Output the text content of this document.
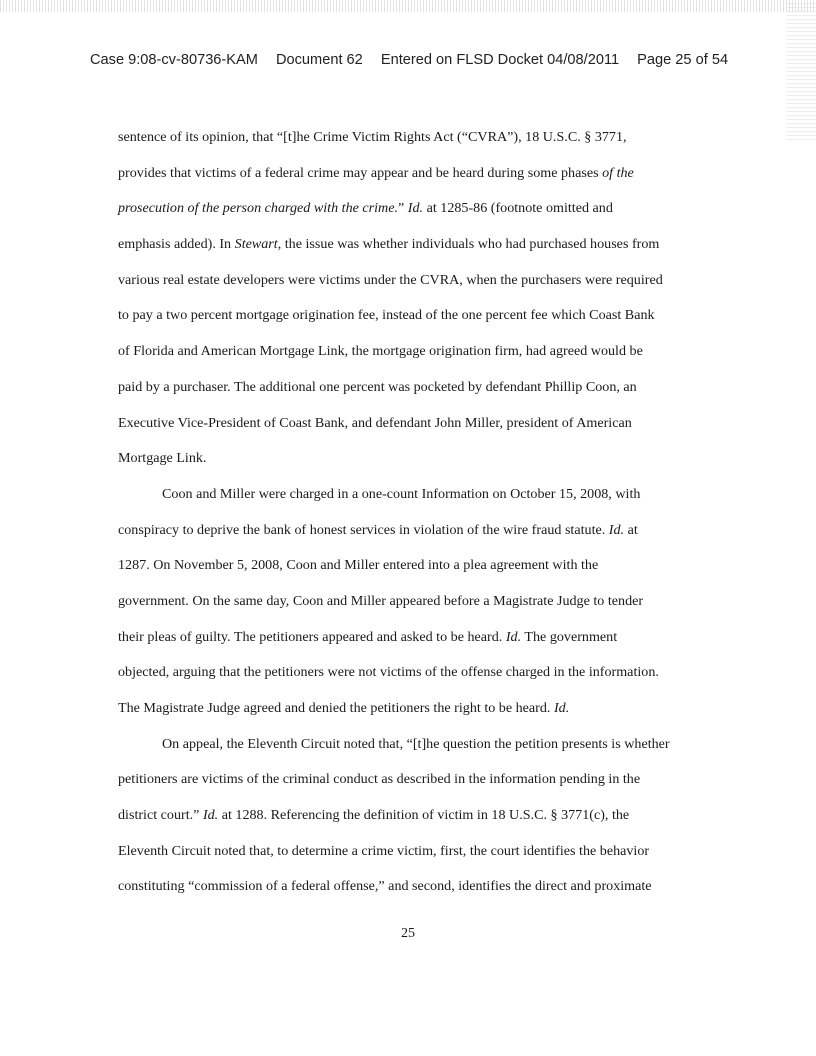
Case 9:08-cv-80736-KAM Document 62 Entered on FLSD Docket 04/08/2011 Page 25 of 54
sentence of its opinion, that “[t]he Crime Victim Rights Act (“CVRA”), 18 U.S.C. § 3771,
provides that victims of a federal crime may appear and be heard during some phases of the
prosecution of the person charged with the crime.” Id. at 1285-86 (footnote omitted and
emphasis added). In Stewart, the issue was whether individuals who had purchased houses from
various real estate developers were victims under the CVRA, when the purchasers were required
to pay a two percent mortgage origination fee, instead of the one percent fee which Coast Bank
of Florida and American Mortgage Link, the mortgage origination firm, had agreed would be
paid by a purchaser. The additional one percent was pocketed by defendant Phillip Coon, an
Executive Vice-President of Coast Bank, and defendant John Miller, president of American
Mortgage Link.
Coon and Miller were charged in a one-count Information on October 15, 2008, with
conspiracy to deprive the bank of honest services in violation of the wire fraud statute. Id. at
1287. On November 5, 2008, Coon and Miller entered into a plea agreement with the
government. On the same day, Coon and Miller appeared before a Magistrate Judge to tender
their pleas of guilty. The petitioners appeared and asked to be heard. Id. The government
objected, arguing that the petitioners were not victims of the offense charged in the information.
The Magistrate Judge agreed and denied the petitioners the right to be heard. Id.
On appeal, the Eleventh Circuit noted that, “[t]he question the petition presents is whether
petitioners are victims of the criminal conduct as described in the information pending in the
district court.” Id. at 1288. Referencing the definition of victim in 18 U.S.C. § 3771(c), the
Eleventh Circuit noted that, to determine a crime victim, first, the court identifies the behavior
constituting “commission of a federal offense,” and second, identifies the direct and proximate
25
